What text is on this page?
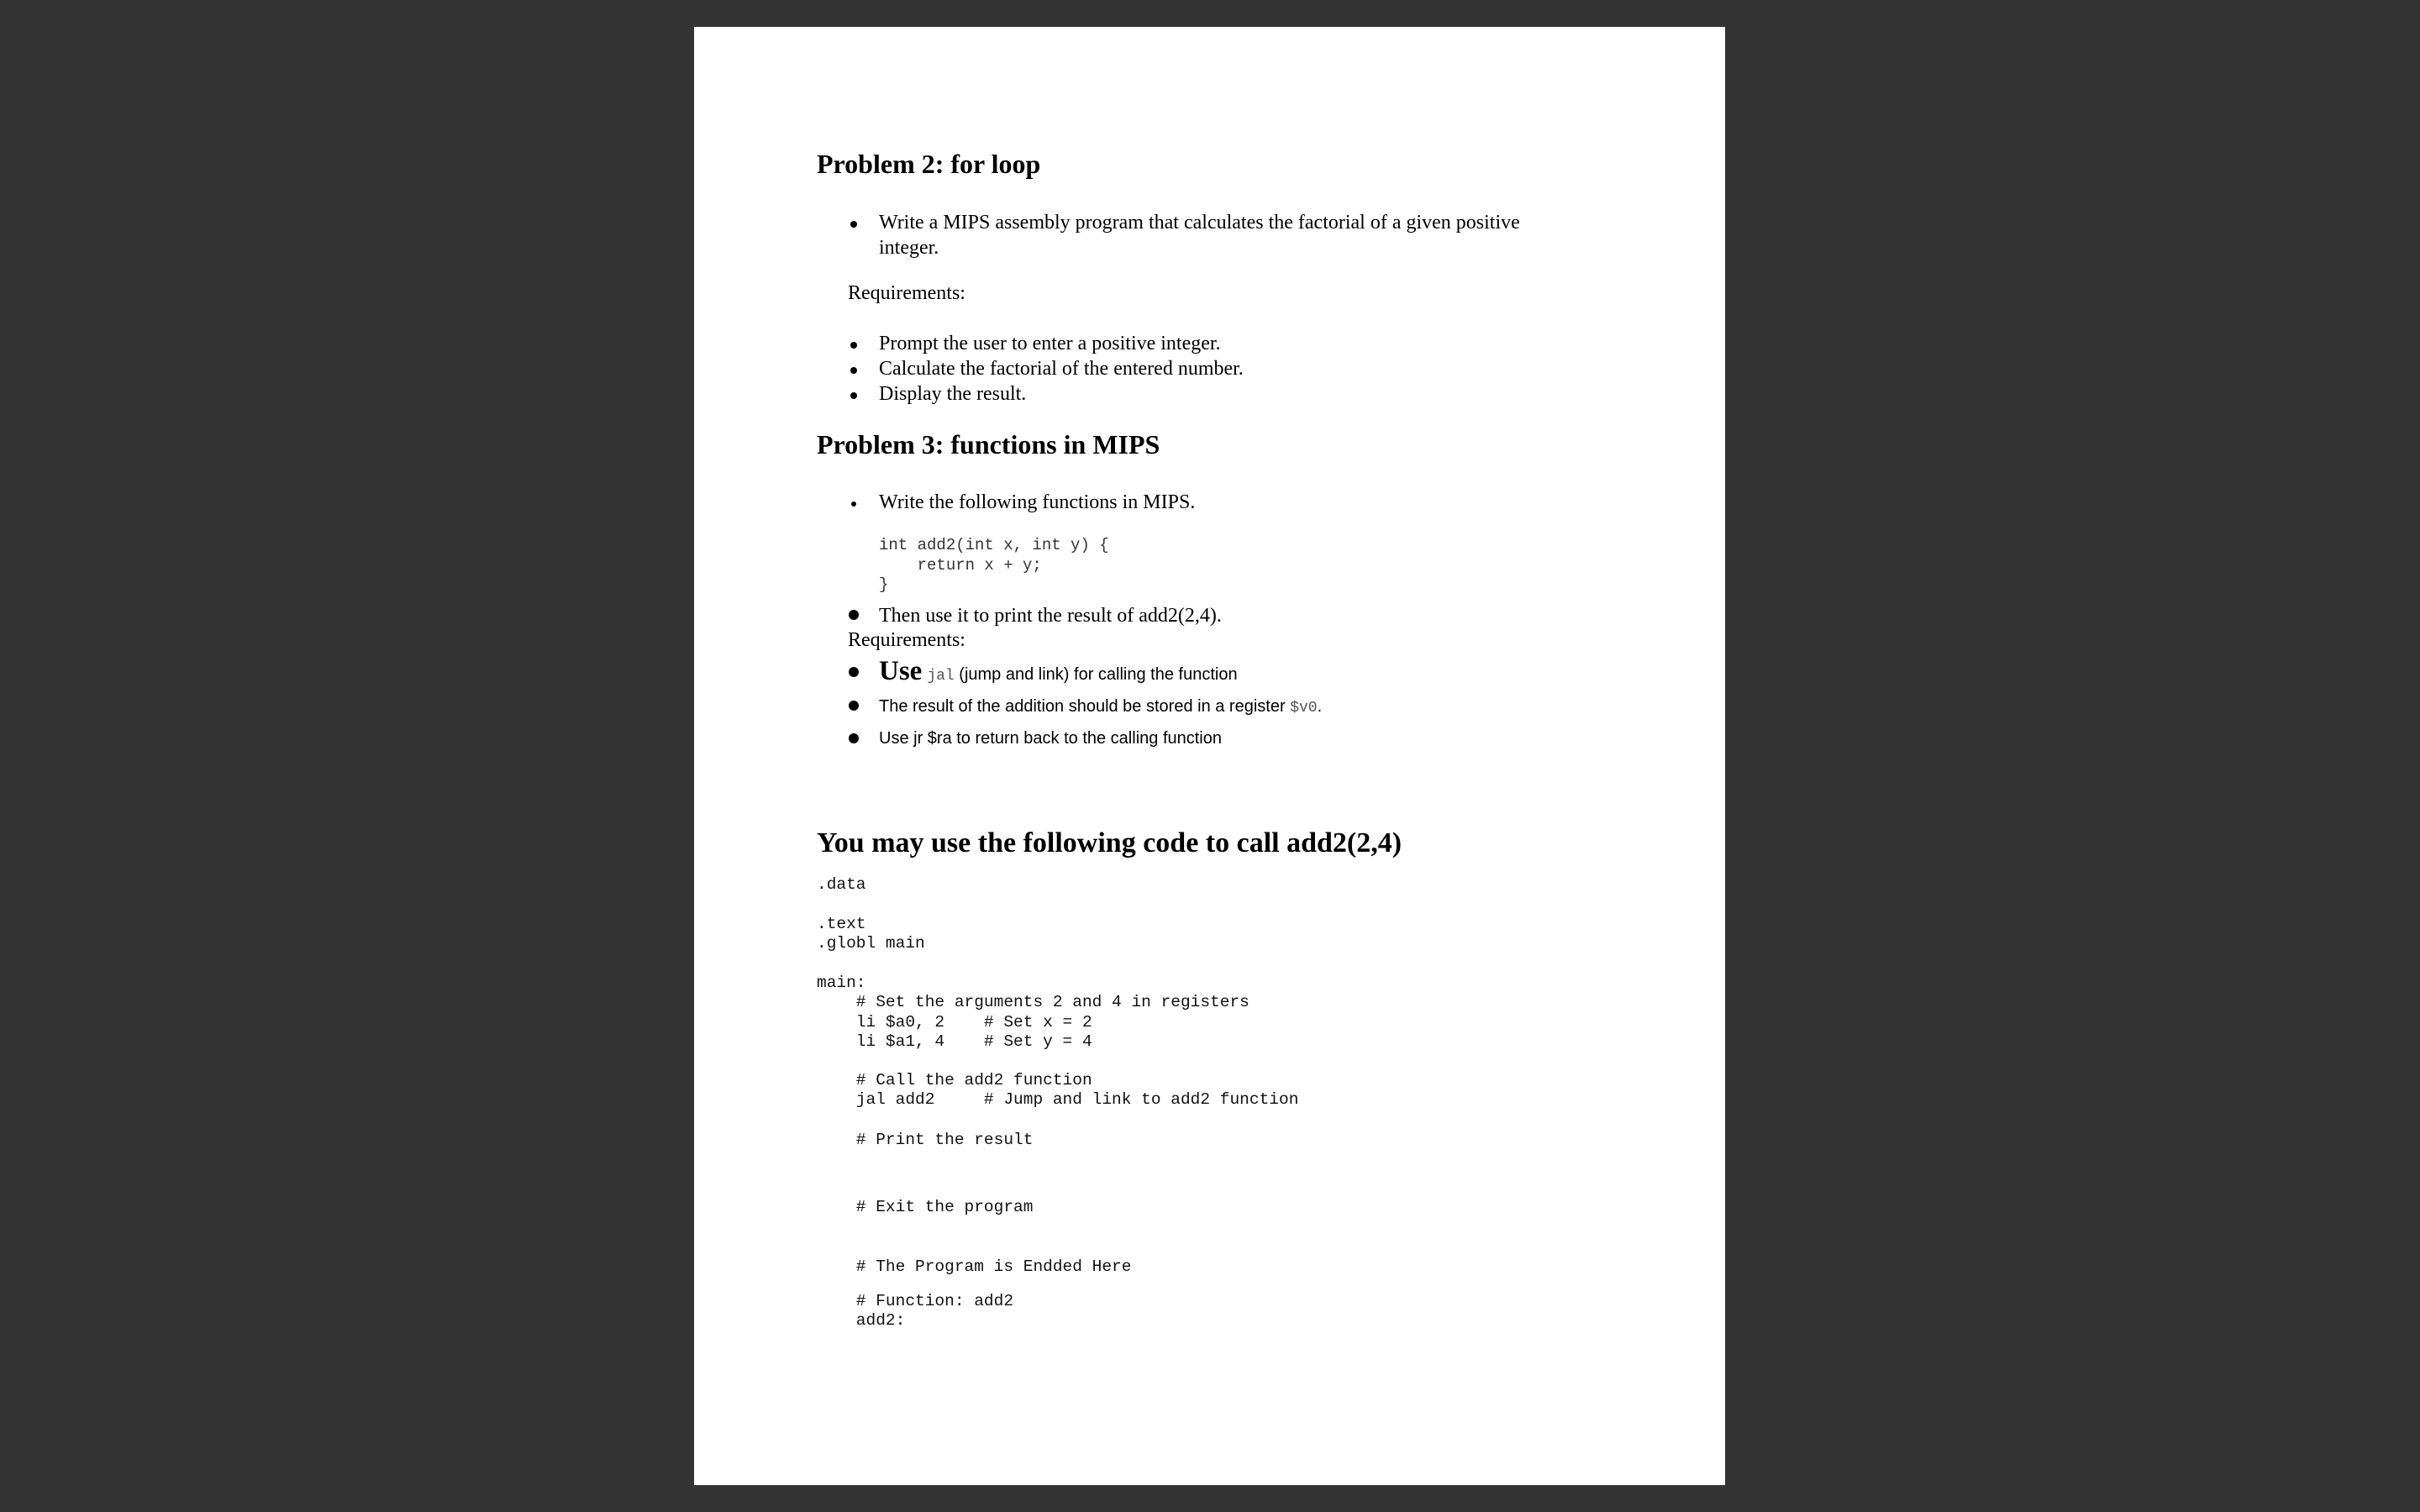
Problem 2: for loop
Write a MIPS assembly program that calculates the factorial of a given positive
integer.
Requirements:
Prompt the user to enter a positive integer.
Calculate the factorial of the entered number.
Display the result.
Problem 3: functions in MIPS
Write the following functions in MIPS.
int add2(int x, int y) {
return x + y;
}
Then use it to print the result of add2(2,4).
Requirements:
Use jal (jump and link) for calling the function
The result of the addition should be stored in a register $v0.
Use jr $ra to return back to the calling function
You may use the following code to call add2(2,4)
.data
.text
.globl main
main:
# Set the arguments 2 and 4 in registers
li $a0, 2    # Set x = 2
li $a1, 4    # Set y = 4
# Call the add2 function
jal add2     # Jump and link to add2 function
# Print the result
# Exit the program
# The Program is Endded Here
# Function: add2
add2:
